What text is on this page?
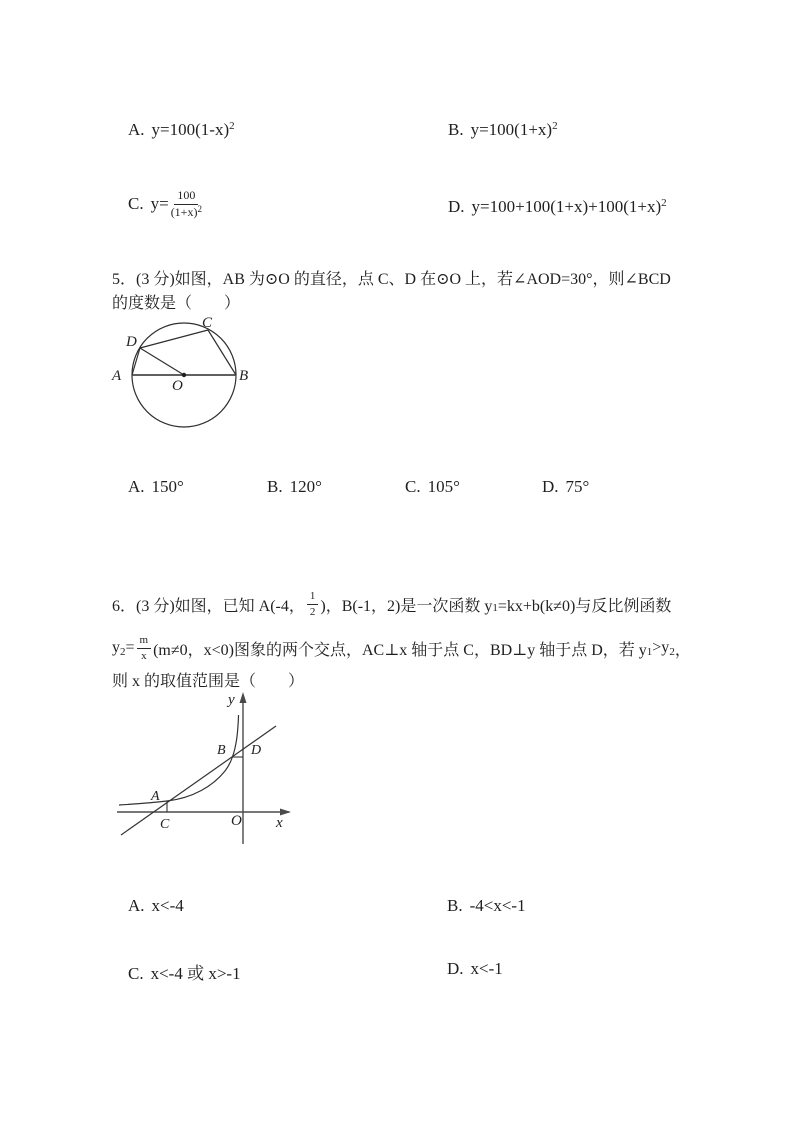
A. $y=100(1-x)^2$	B. $y=100(1+x)^2$
C. $y= \frac{100}{(1+x)^2}$	D. $y=100+100(1+x)+100(1+x)^2$
5．(3 分)如图，AB 为⊙O 的直径，点 C、D 在⊙O 上，若∠AOD=30°，则∠BCD
的度数是（　　）
A	B
C
D
O
A. 150°	B. 120°	C. 105°	D. 75°
6．(3 分)如图，已知 A(-4， $\frac{1}{2}$ )，B(-1，2)是一次函数 y 1 =kx+b(k≠0)与反比例函数
y $2 = \frac{m}{x} (m\ne 0$，x<0)图象的两个交点，AC⊥x 轴于点 C，BD⊥y 轴于点 D，若 y 1 >y 2 ，
则 x 的取值范围是（　　）
y
x
O
A
B
C
D
A. x<-4	B. -4<x<-1
C. x<-4 或 x>-1	D. x<-1
